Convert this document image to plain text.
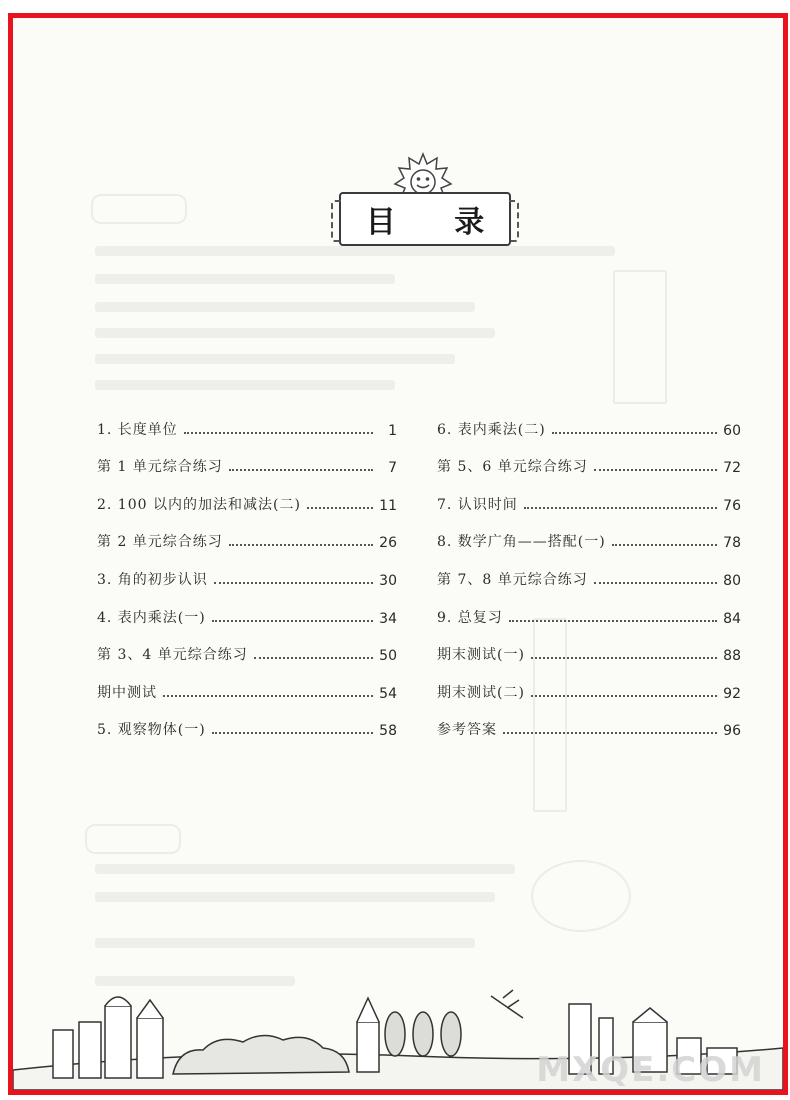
目 录
1. 长度单位	1
第 1 单元综合练习	7
2. 100 以内的加法和减法(二)	11
第 2 单元综合练习	26
3. 角的初步认识	30
4. 表内乘法(一)	34
第 3、4 单元综合练习	50
期中测试	54
5. 观察物体(一)	58
6. 表内乘法(二)	60
第 5、6 单元综合练习	72
7. 认识时间	76
8. 数学广角——搭配(一)	78
第 7、8 单元综合练习	80
9. 总复习	84
期末测试(一)	88
期末测试(二)	92
参考答案	96
MXQE.COM
